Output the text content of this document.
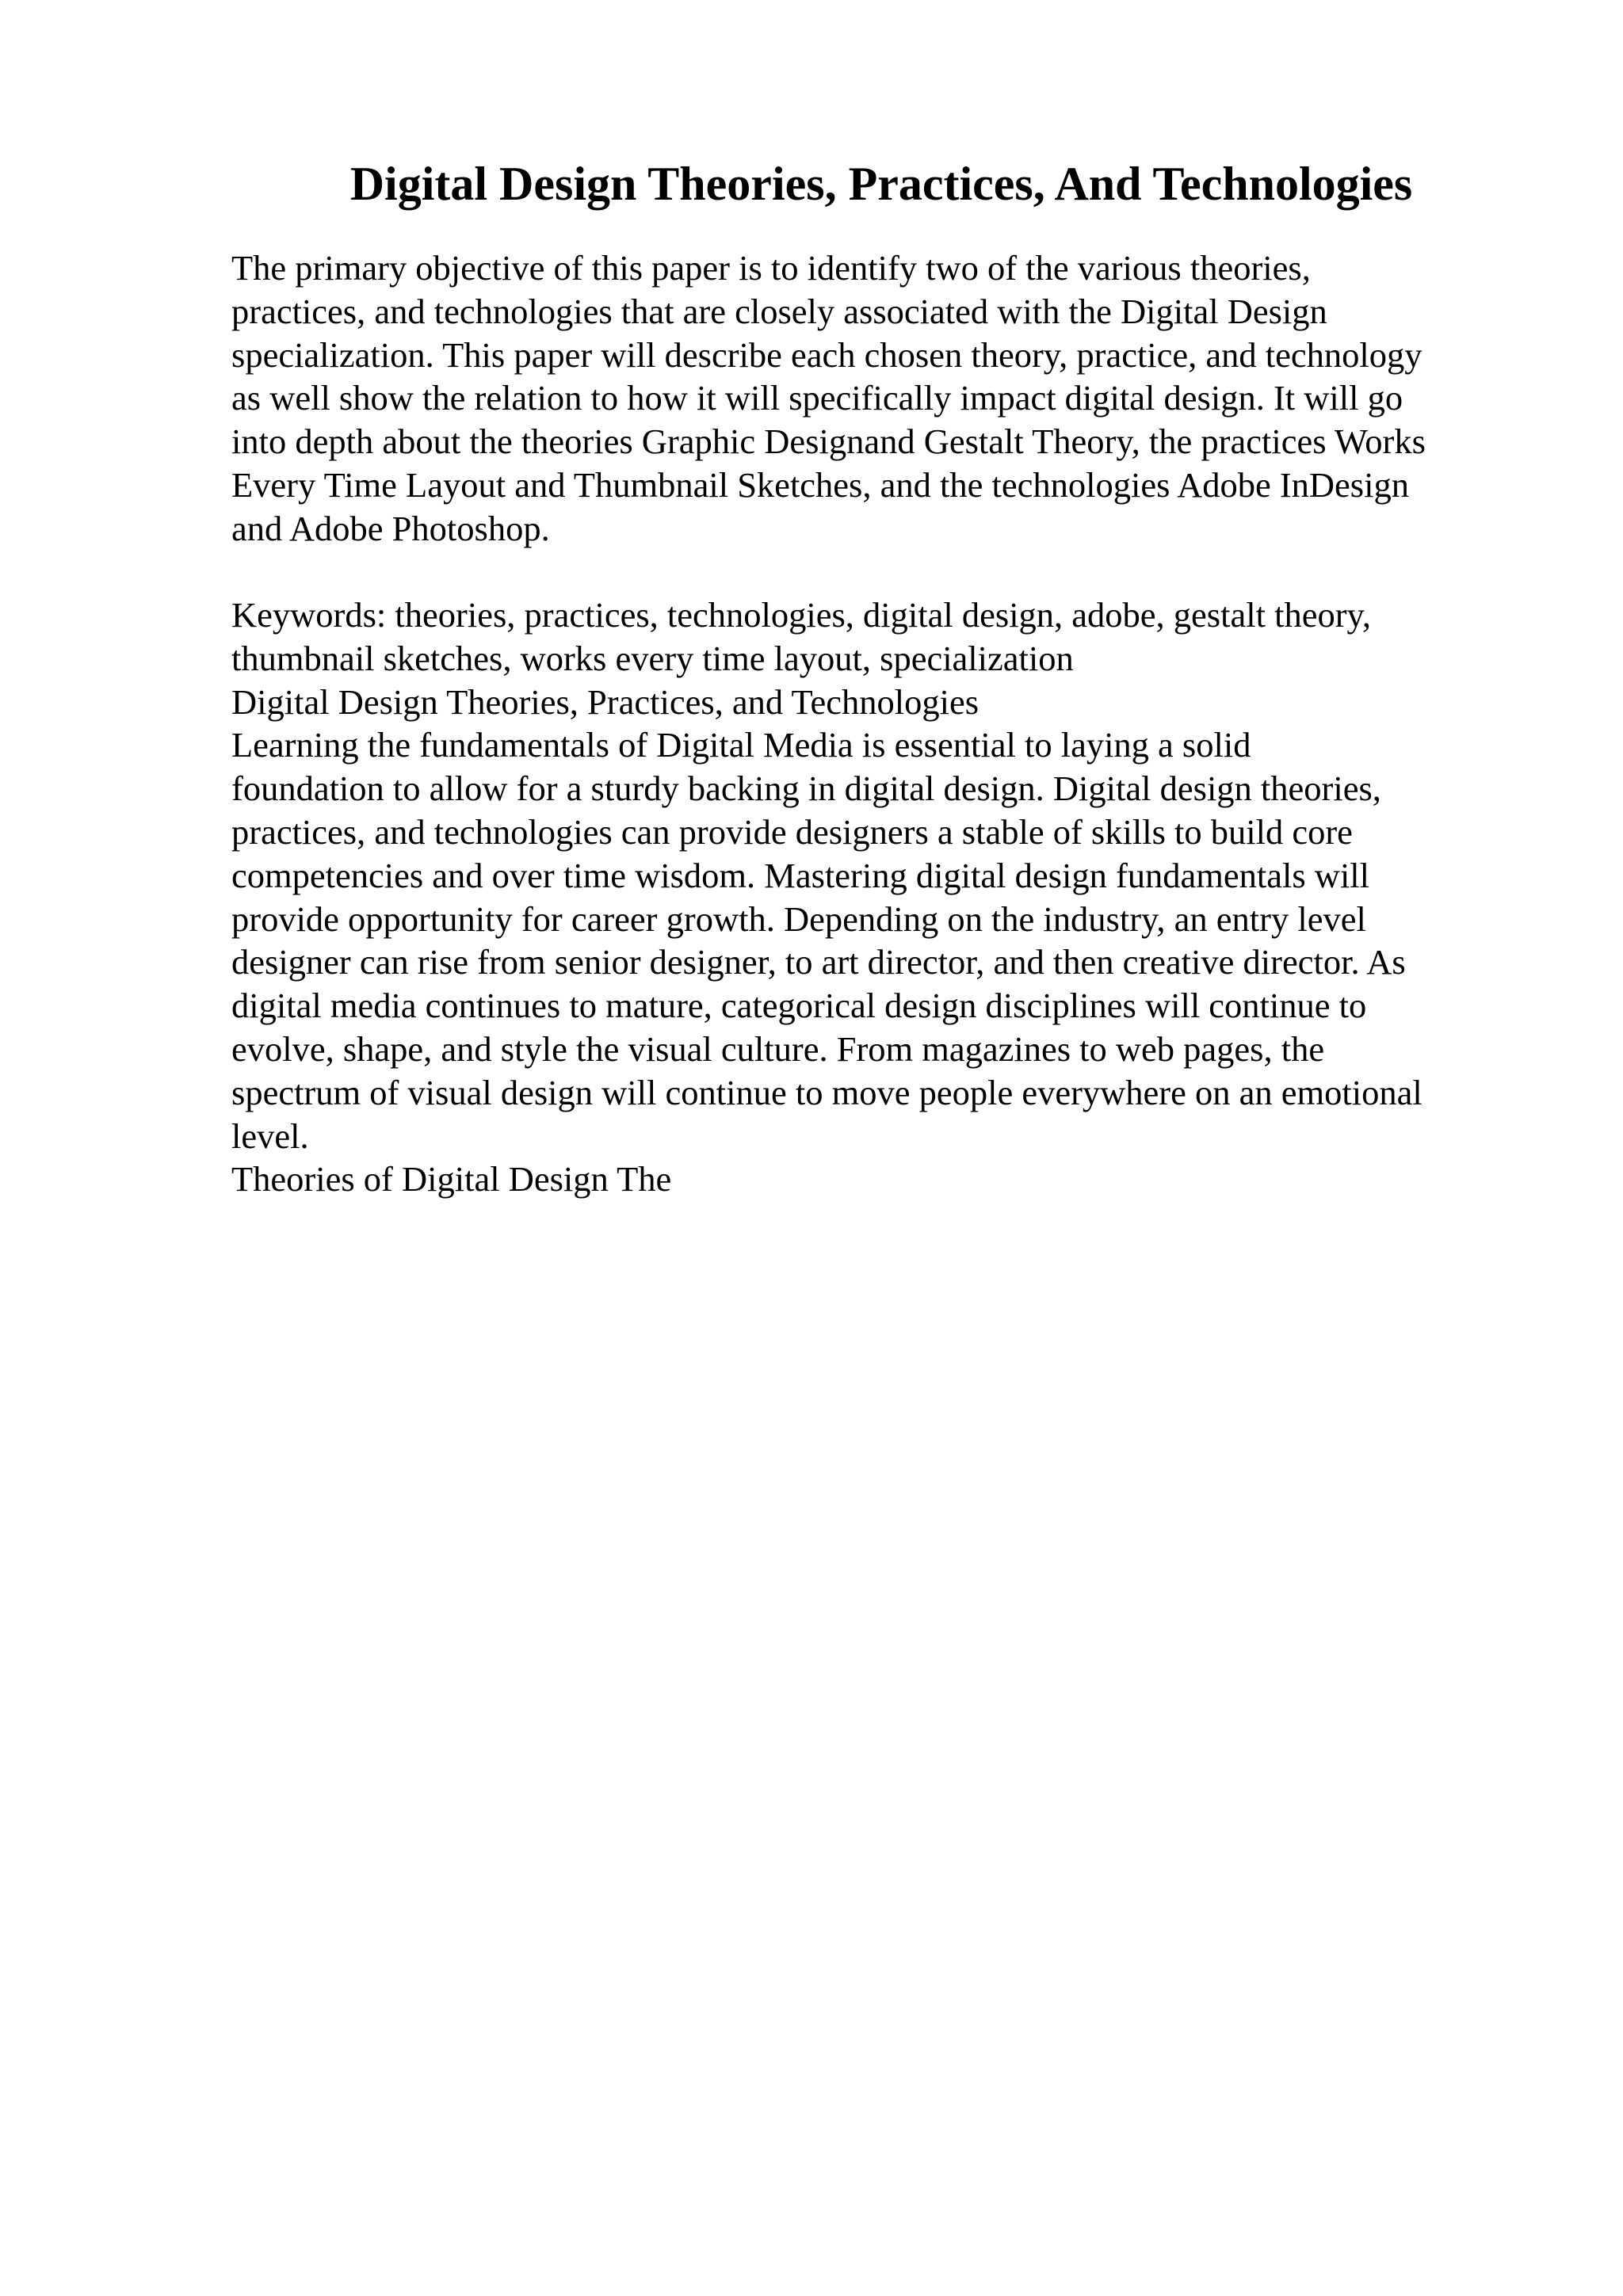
Digital Design Theories, Practices, And Technologies
The primary objective of this paper is to identify two of the various theories,
practices, and technologies that are closely associated with the Digital Design
specialization. This paper will describe each chosen theory, practice, and technology
as well show the relation to how it will specifically impact digital design. It will go
into depth about the theories Graphic Designand Gestalt Theory, the practices Works
Every Time Layout and Thumbnail Sketches, and the technologies Adobe InDesign
and Adobe Photoshop.
Keywords: theories, practices, technologies, digital design, adobe, gestalt theory,
thumbnail sketches, works every time layout, specialization
Digital Design Theories, Practices, and Technologies
Learning the fundamentals of Digital Media is essential to laying a solid
foundation to allow for a sturdy backing in digital design. Digital design theories,
practices, and technologies can provide designers a stable of skills to build core
competencies and over time wisdom. Mastering digital design fundamentals will
provide opportunity for career growth. Depending on the industry, an entry level
designer can rise from senior designer, to art director, and then creative director. As
digital media continues to mature, categorical design disciplines will continue to
evolve, shape, and style the visual culture. From magazines to web pages, the
spectrum of visual design will continue to move people everywhere on an emotional
level.
Theories of Digital Design The
